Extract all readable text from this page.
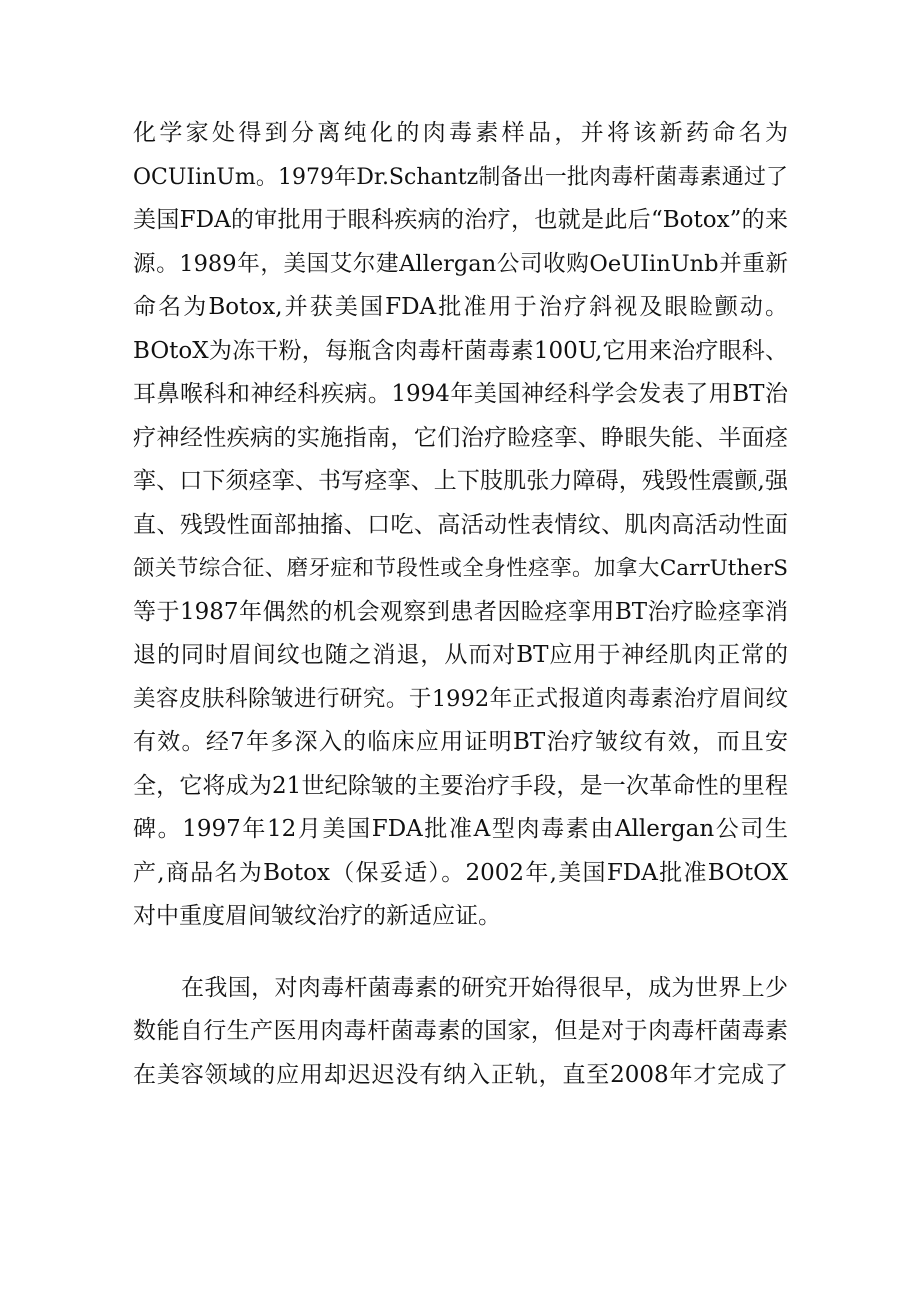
化学家处得到分离纯化的肉毒素样品，并将该新药命名为
OCUIinUm。1979年Dr.Schantz制备出一批肉毒杆菌毒素通过了
美国FDA的审批用于眼科疾病的治疗，也就是此后“Botox”的来
源。1989年，美国艾尔建Allergan公司收购OeUIinUnb并重新
命名为Botox,并获美国FDA批准用于治疗斜视及眼睑颤动。
BOtoX为冻干粉，每瓶含肉毒杆菌毒素100U,它用来治疗眼科、
耳鼻喉科和神经科疾病。1994年美国神经科学会发表了用BT治
疗神经性疾病的实施指南，它们治疗睑痉挛、睁眼失能、半面痉
挛、口下须痉挛、书写痉挛、上下肢肌张力障碍，残毁性震颤,强
直、残毁性面部抽搐、口吃、高活动性表情纹、肌肉高活动性面
颌关节综合征、磨牙症和节段性或全身性痉挛。加拿大CarrUtherS
等于1987年偶然的机会观察到患者因睑痉挛用BT治疗睑痉挛消
退的同时眉间纹也随之消退，从而对BT应用于神经肌肉正常的
美容皮肤科除皱进行研究。于1992年正式报道肉毒素治疗眉间纹
有效。经7年多深入的临床应用证明BT治疗皱纹有效，而且安
全，它将成为21世纪除皱的主要治疗手段，是一次革命性的里程
碑。1997年12月美国FDA批准A型肉毒素由Allergan公司生
产,商品名为Botox（保妥适）。2002年,美国FDA批准BOtOX
对中重度眉间皱纹治疗的新适应证。
在我国，对肉毒杆菌毒素的研究开始得很早，成为世界上少
数能自行生产医用肉毒杆菌毒素的国家，但是对于肉毒杆菌毒素
在美容领域的应用却迟迟没有纳入正轨，直至2008年才完成了
